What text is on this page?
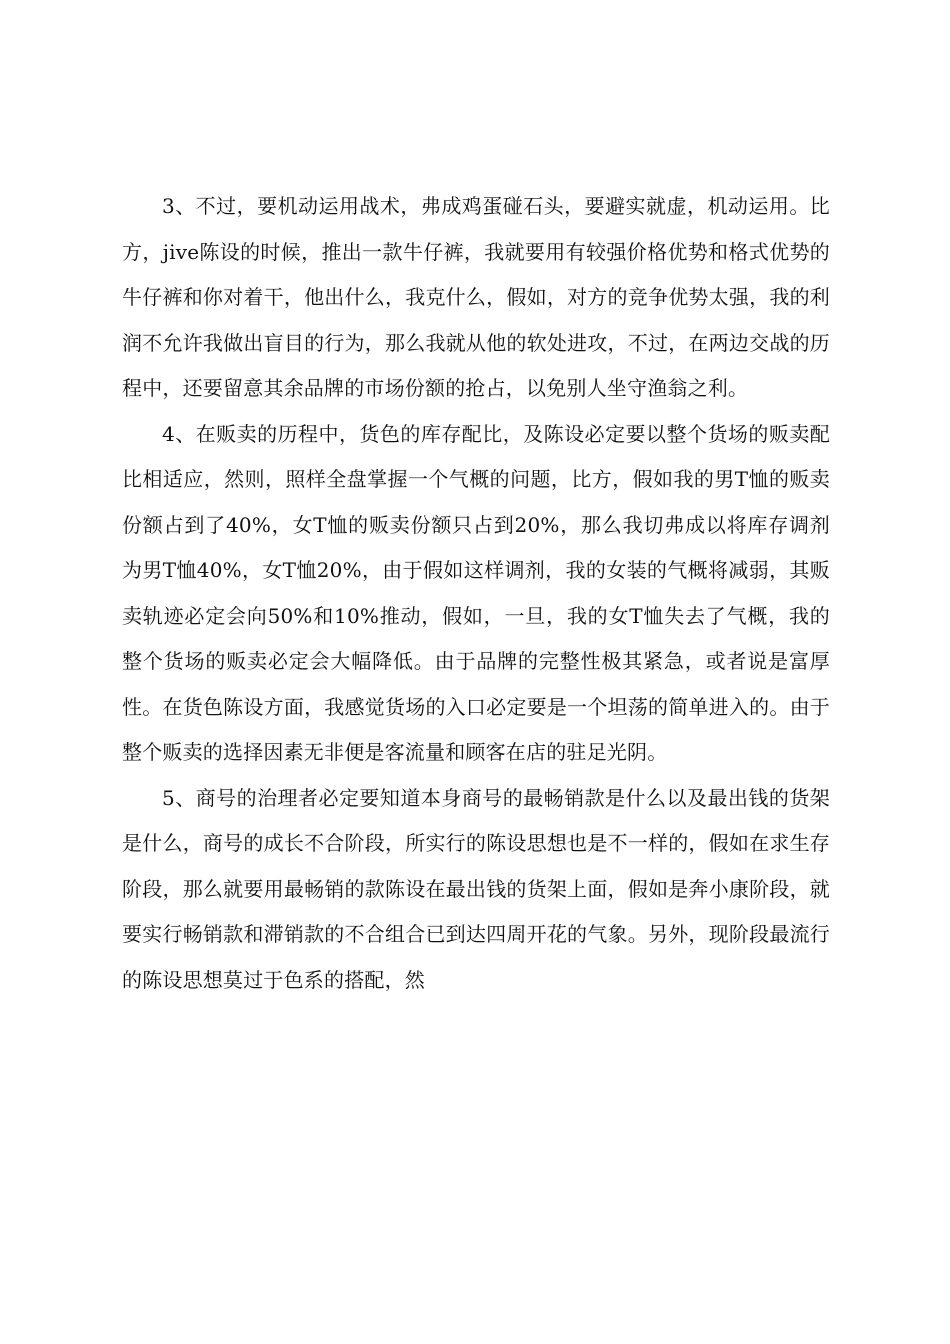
3、不过，要机动运用战术，弗成鸡蛋碰石头，要避实就虚，机动运用。比方，jive陈设的时候，推出一款牛仔裤，我就要用有较强价格优势和格式优势的牛仔裤和你对着干，他出什么，我克什么，假如，对方的竞争优势太强，我的利润不允许我做出盲目的行为，那么我就从他的软处进攻，不过，在两边交战的历程中，还要留意其余品牌的市场份额的抢占，以免别人坐守渔翁之利。

4、在贩卖的历程中，货色的库存配比，及陈设必定要以整个货场的贩卖配比相适应，然则，照样全盘掌握一个气概的问题，比方，假如我的男T恤的贩卖份额占到了40%，女T恤的贩卖份额只占到20%，那么我切弗成以将库存调剂为男T恤40%，女T恤20%，由于假如这样调剂，我的女装的气概将减弱，其贩卖轨迹必定会向50%和10%推动，假如，一旦，我的女T恤失去了气概，我的整个货场的贩卖必定会大幅降低。由于品牌的完整性极其紧急，或者说是富厚性。在货色陈设方面，我感觉货场的入口必定要是一个坦荡的简单进入的。由于整个贩卖的选择因素无非便是客流量和顾客在店的驻足光阴。

5、商号的治理者必定要知道本身商号的最畅销款是什么以及最出钱的货架是什么，商号的成长不合阶段，所实行的陈设思想也是不一样的，假如在求生存阶段，那么就要用最畅销的款陈设在最出钱的货架上面，假如是奔小康阶段，就要实行畅销款和滞销款的不合组合已到达四周开花的气象。另外，现阶段最流行的陈设思想莫过于色系的搭配，然
